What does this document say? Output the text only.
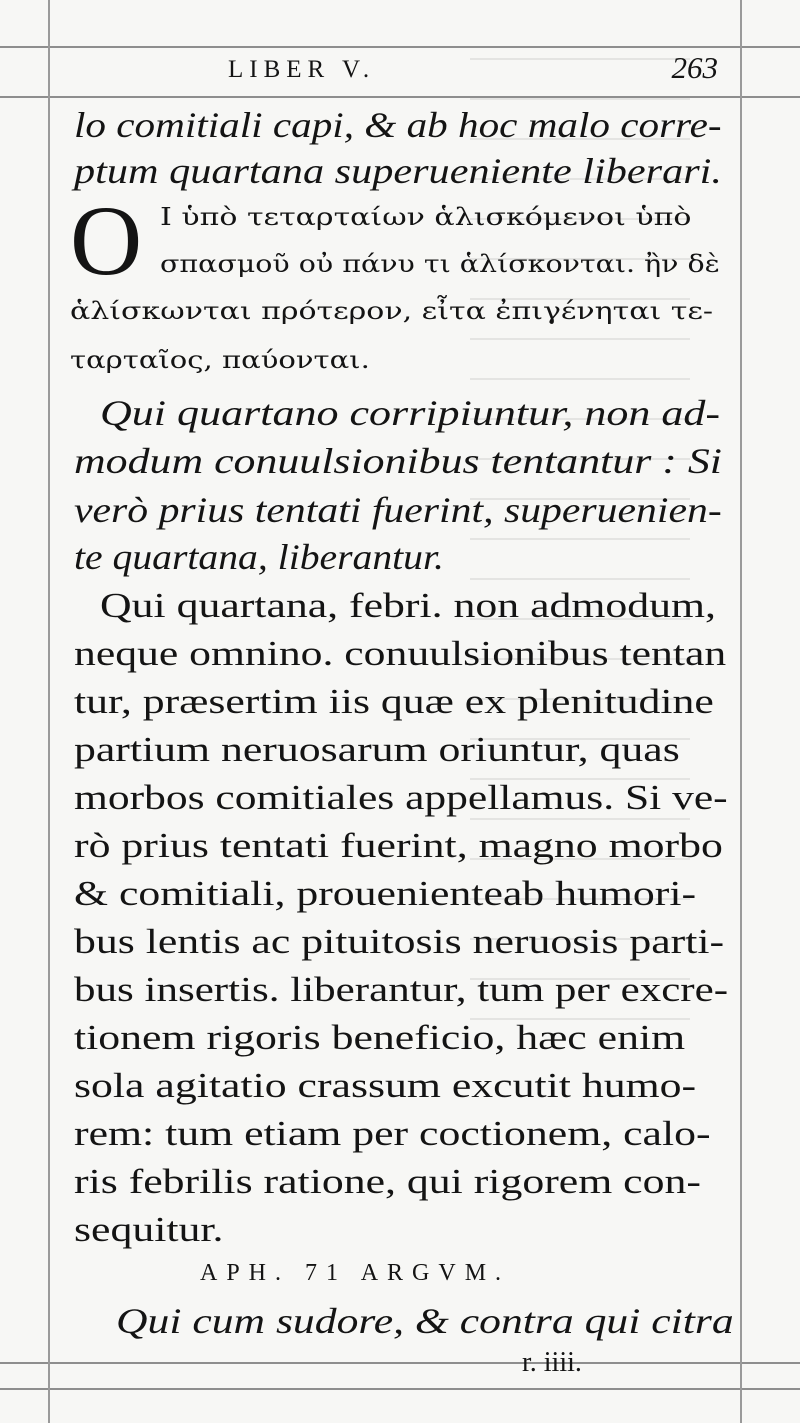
LIBER V.	263
O
lo comitiali capi, & ab hoc malo corre-
ptum quartana superueniente liberari.
Ι ὑπὸ τεταρταίων ἁλισκόμενοι ὑπὸ
σπασμοῦ οὐ πάνυ τι ἁλίσκονται. ἢν δὲ
ἁλίσκωνται πρότερον, εἶτα ἐπιγένηται τε-
ταρταῖος, παύονται.
Qui quartano corripiuntur, non ad-
modum conuulsionibus tentantur : Si
verò prius tentati fuerint, superuenien-
te quartana, liberantur.
Qui quartana, febri. non admodum,
neque omnino. conuulsionibus tentan
tur, præsertim iis quæ ex plenitudine
partium neruosarum oriuntur, quas
morbos comitiales appellamus. Si ve-
rò prius tentati fuerint, magno morbo
& comitiali, prouenienteab humori-
bus lentis ac pituitosis neruosis parti-
bus insertis. liberantur, tum per excre-
tionem rigoris beneficio, hæc enim
sola agitatio crassum excutit humo-
rem: tum etiam per coctionem, calo-
ris febrilis ratione, qui rigorem con-
sequitur.
Qui cum sudore, & contra qui citra
APH. 71 ARGVM.
r. iiii.
